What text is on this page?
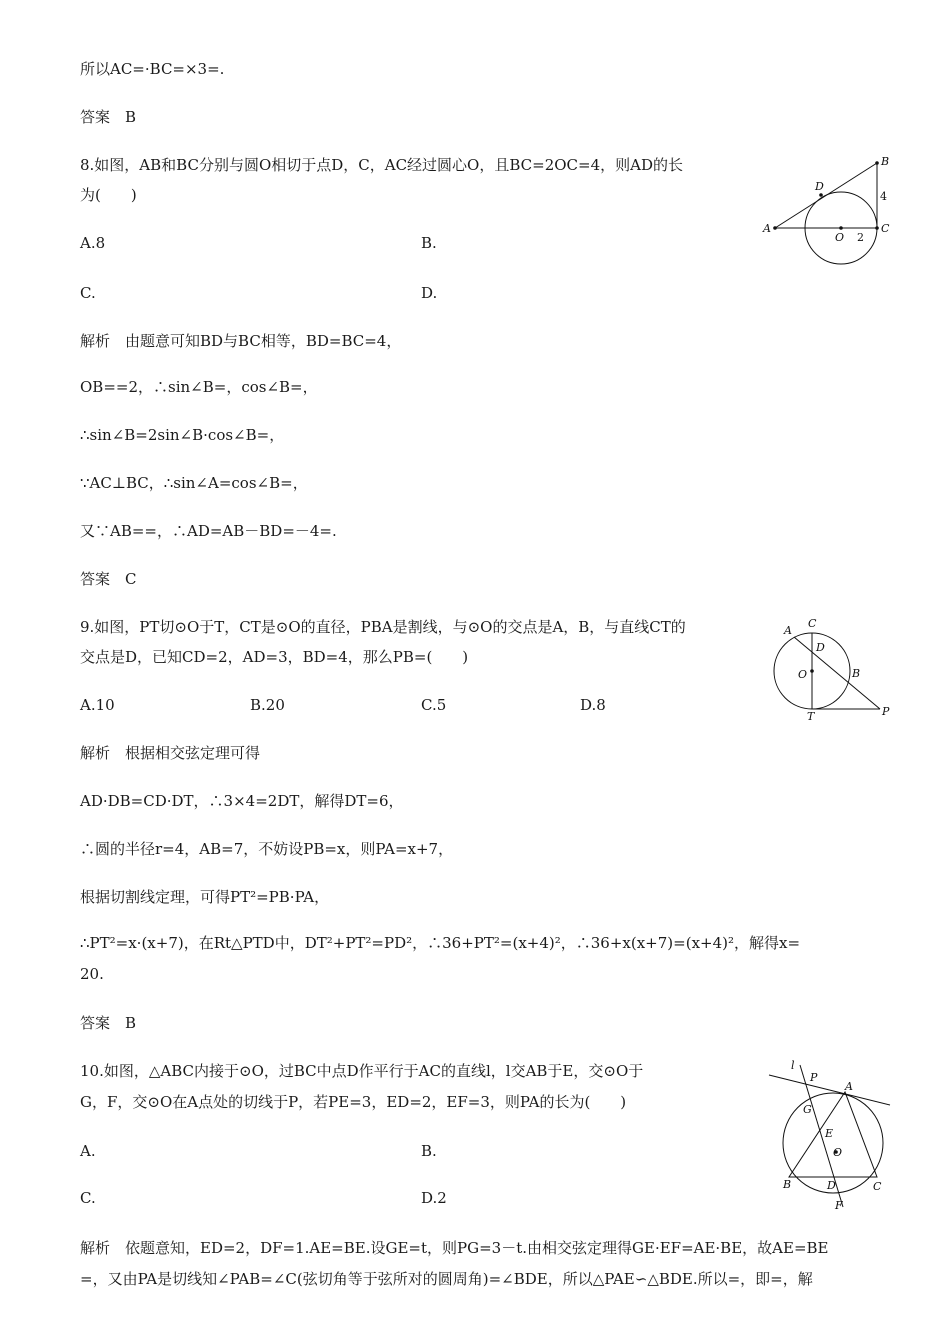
所以AC=·BC=×3=.
答案　B
8.如图，AB和BC分别与圆O相切于点D，C，AC经过圆心O，且BC=2OC=4，则AD的长
为(　　)
A.8	B.
C.	D.
A
B
C
D
O
4
2
解析　由题意可知BD与BC相等，BD=BC=4，
OB==2，∴sin∠B=，cos∠B=，
∴sin∠B=2sin∠B·cos∠B=，
∵AC⊥BC，∴sin∠A=cos∠B=，
又∵AB==，∴AD=AB－BD=－4=.
答案　C
9.如图，PT切⊙O于T，CT是⊙O的直径，PBA是割线，与⊙O的交点是A，B，与直线CT的
交点是D，已知CD=2，AD=3，BD=4，那么PB=(　　)
A.10	B.20	C.5	D.8
A
C
D
O	B
T	P
解析　根据相交弦定理可得
AD·DB=CD·DT，∴3×4=2DT，解得DT=6，
∴圆的半径r=4，AB=7，不妨设PB=x，则PA=x+7，
根据切割线定理，可得PT²=PB·PA，
∴PT²=x·(x+7)，在Rt△PTD中，DT²+PT²=PD²，∴36+PT²=(x+4)²，∴36+x(x+7)=(x+4)²，解得x=
20.
答案　B
10.如图，△ABC内接于⊙O，过BC中点D作平行于AC的直线l，l交AB于E，交⊙O于
G，F，交⊙O在A点处的切线于P，若PE=3，ED=2，EF=3，则PA的长为(　　)
A.	B.
C.	D.2
l
P
A
G
E
O
B	D	C
F
解析　依题意知，ED=2，DF=1.AE=BE.设GE=t，则PG=3－t.由相交弦定理得GE·EF=AE·BE，故AE=BE
=，又由PA是切线知∠PAB=∠C(弦切角等于弦所对的圆周角)=∠BDE，所以△PAE∽△BDE.所以=，即=，解
